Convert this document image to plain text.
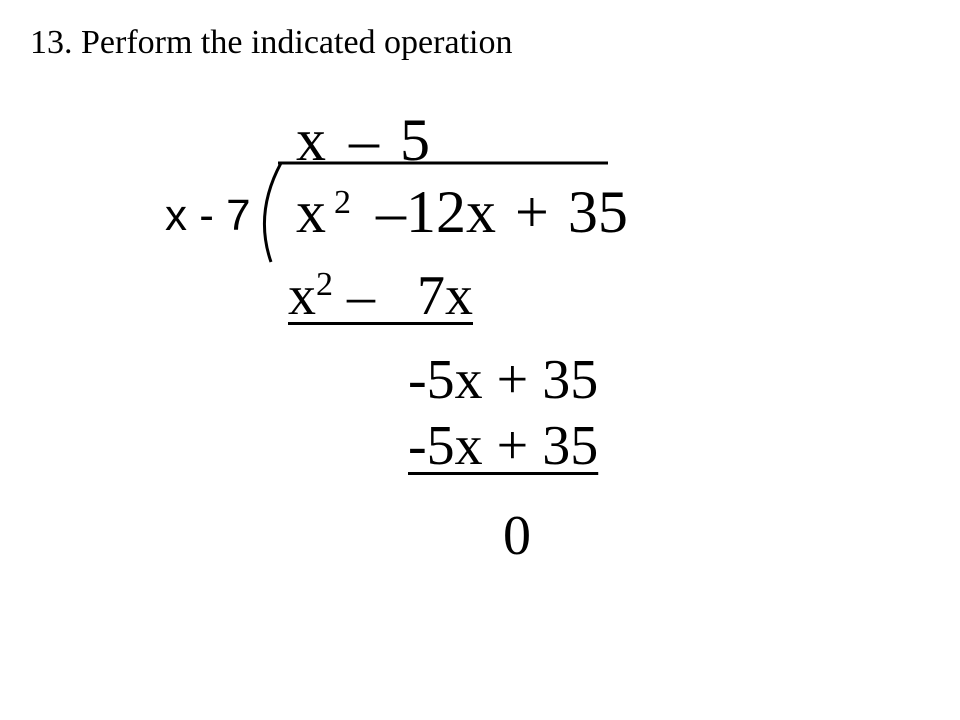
13. Perform the indicated operation
x – 5
x - 7 x $^2$ –12x + 35
$x^2 - 7x$
-5x + 35
-5x + 35
0
